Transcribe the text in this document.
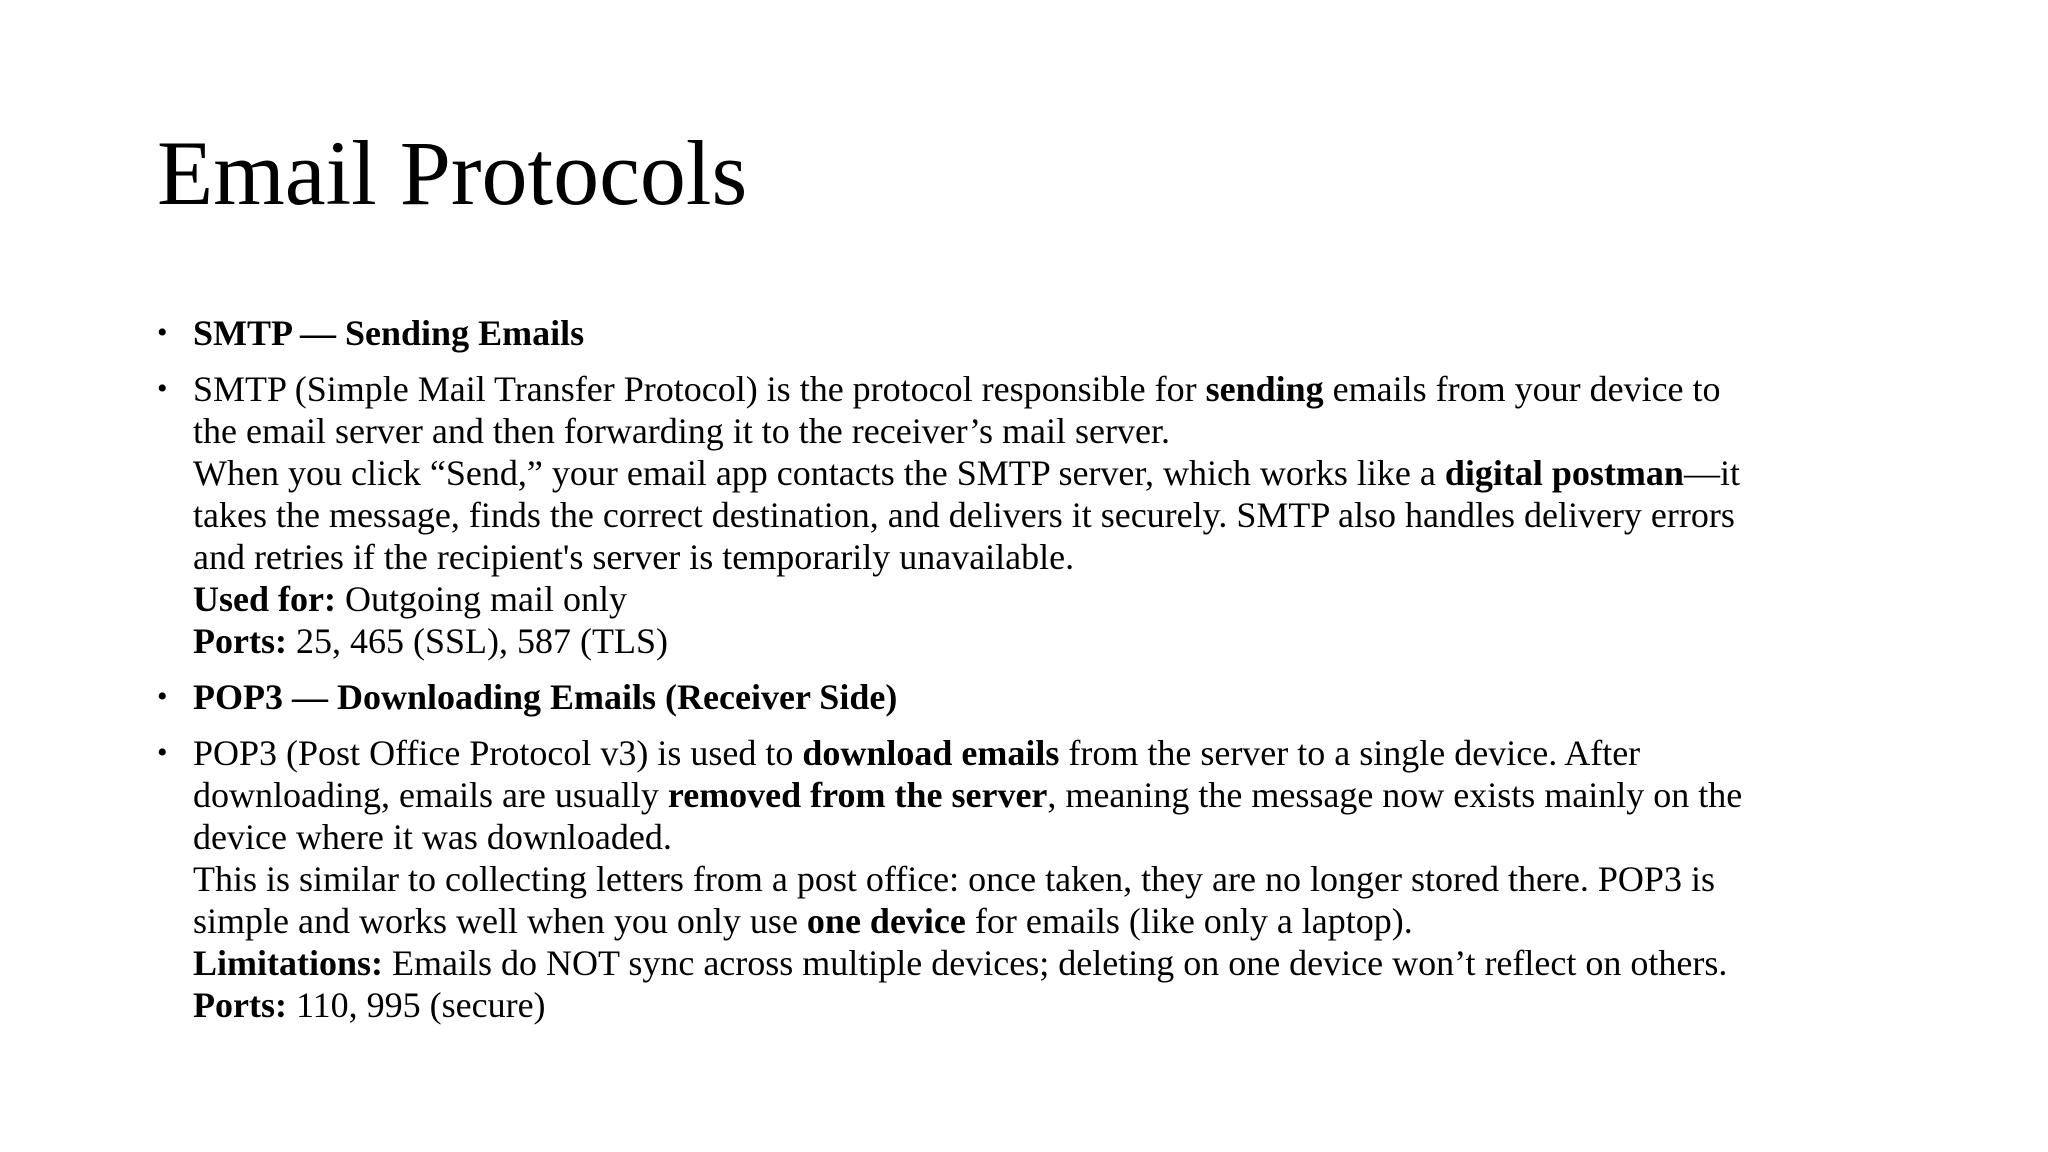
Email Protocols
• SMTP — Sending Emails
• SMTP (Simple Mail Transfer Protocol) is the protocol responsible for sending emails from your device to
the email server and then forwarding it to the receiver’s mail server.
When you click “Send,” your email app contacts the SMTP server, which works like a digital postman—it
takes the message, finds the correct destination, and delivers it securely. SMTP also handles delivery errors
and retries if the recipient's server is temporarily unavailable.
Used for: Outgoing mail only
Ports: 25, 465 (SSL), 587 (TLS)
• POP3 — Downloading Emails (Receiver Side)
• POP3 (Post Office Protocol v3) is used to download emails from the server to a single device. After
downloading, emails are usually removed from the server, meaning the message now exists mainly on the
device where it was downloaded.
This is similar to collecting letters from a post office: once taken, they are no longer stored there. POP3 is
simple and works well when you only use one device for emails (like only a laptop).
Limitations: Emails do NOT sync across multiple devices; deleting on one device won’t reflect on others.
Ports: 110, 995 (secure)
